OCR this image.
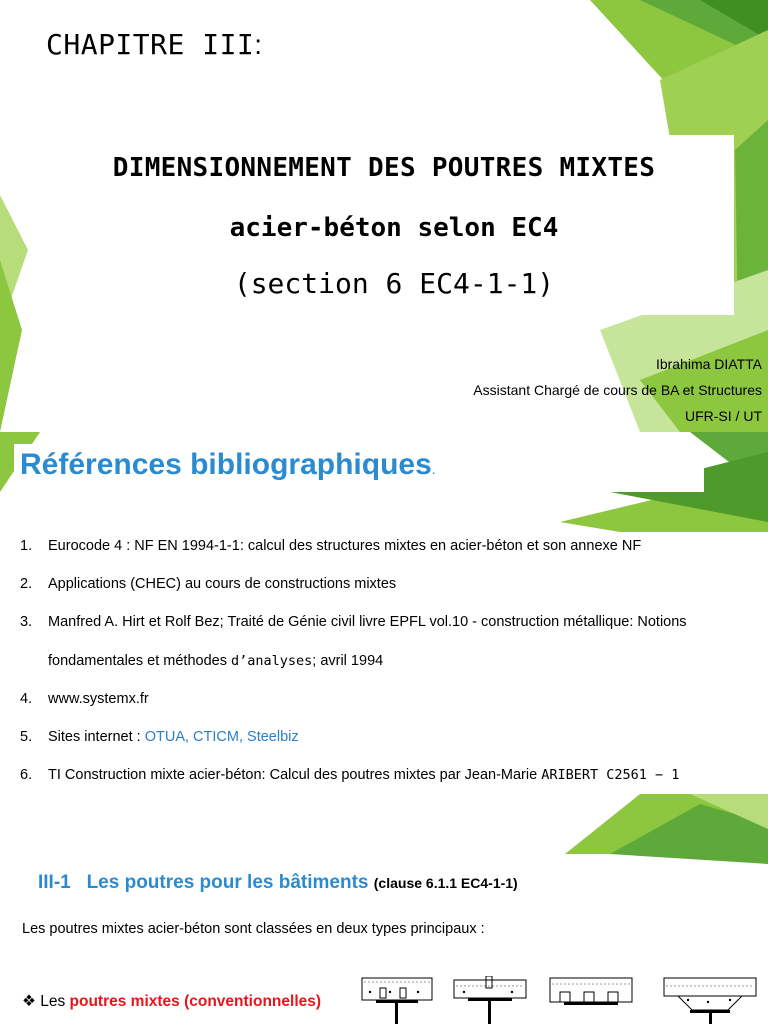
CHAPITRE III:
DIMENSIONNEMENT DES POUTRES MIXTES
acier-béton selon EC4
(section 6 EC4-1-1)
Ibrahima DIATTA
Assistant Chargé de cours de BA et Structures
UFR-SI / UT
Références bibliographiques.
1. Eurocode 4 : NF EN 1994-1-1: calcul des structures mixtes en acier-béton et son annexe NF
2. Applications (CHEC) au cours de constructions mixtes
3. Manfred A. Hirt et Rolf Bez; Traité de Génie civil livre EPFL vol.10 - construction métallique: Notions
fondamentales et méthodes d’analyses; avril 1994
4. www.systemx.fr
5. Sites internet : OTUA, CTICM, Steelbiz
6. TI Construction mixte acier-béton: Calcul des poutres mixtes par Jean-Marie ARIBERT C2561 − 1
III-1 Les poutres pour les bâtiments (clause 6.1.1 EC4-1-1)
Les poutres mixtes acier-béton sont classées en deux types principaux :
❖ Les poutres mixtes (conventionnelles)
